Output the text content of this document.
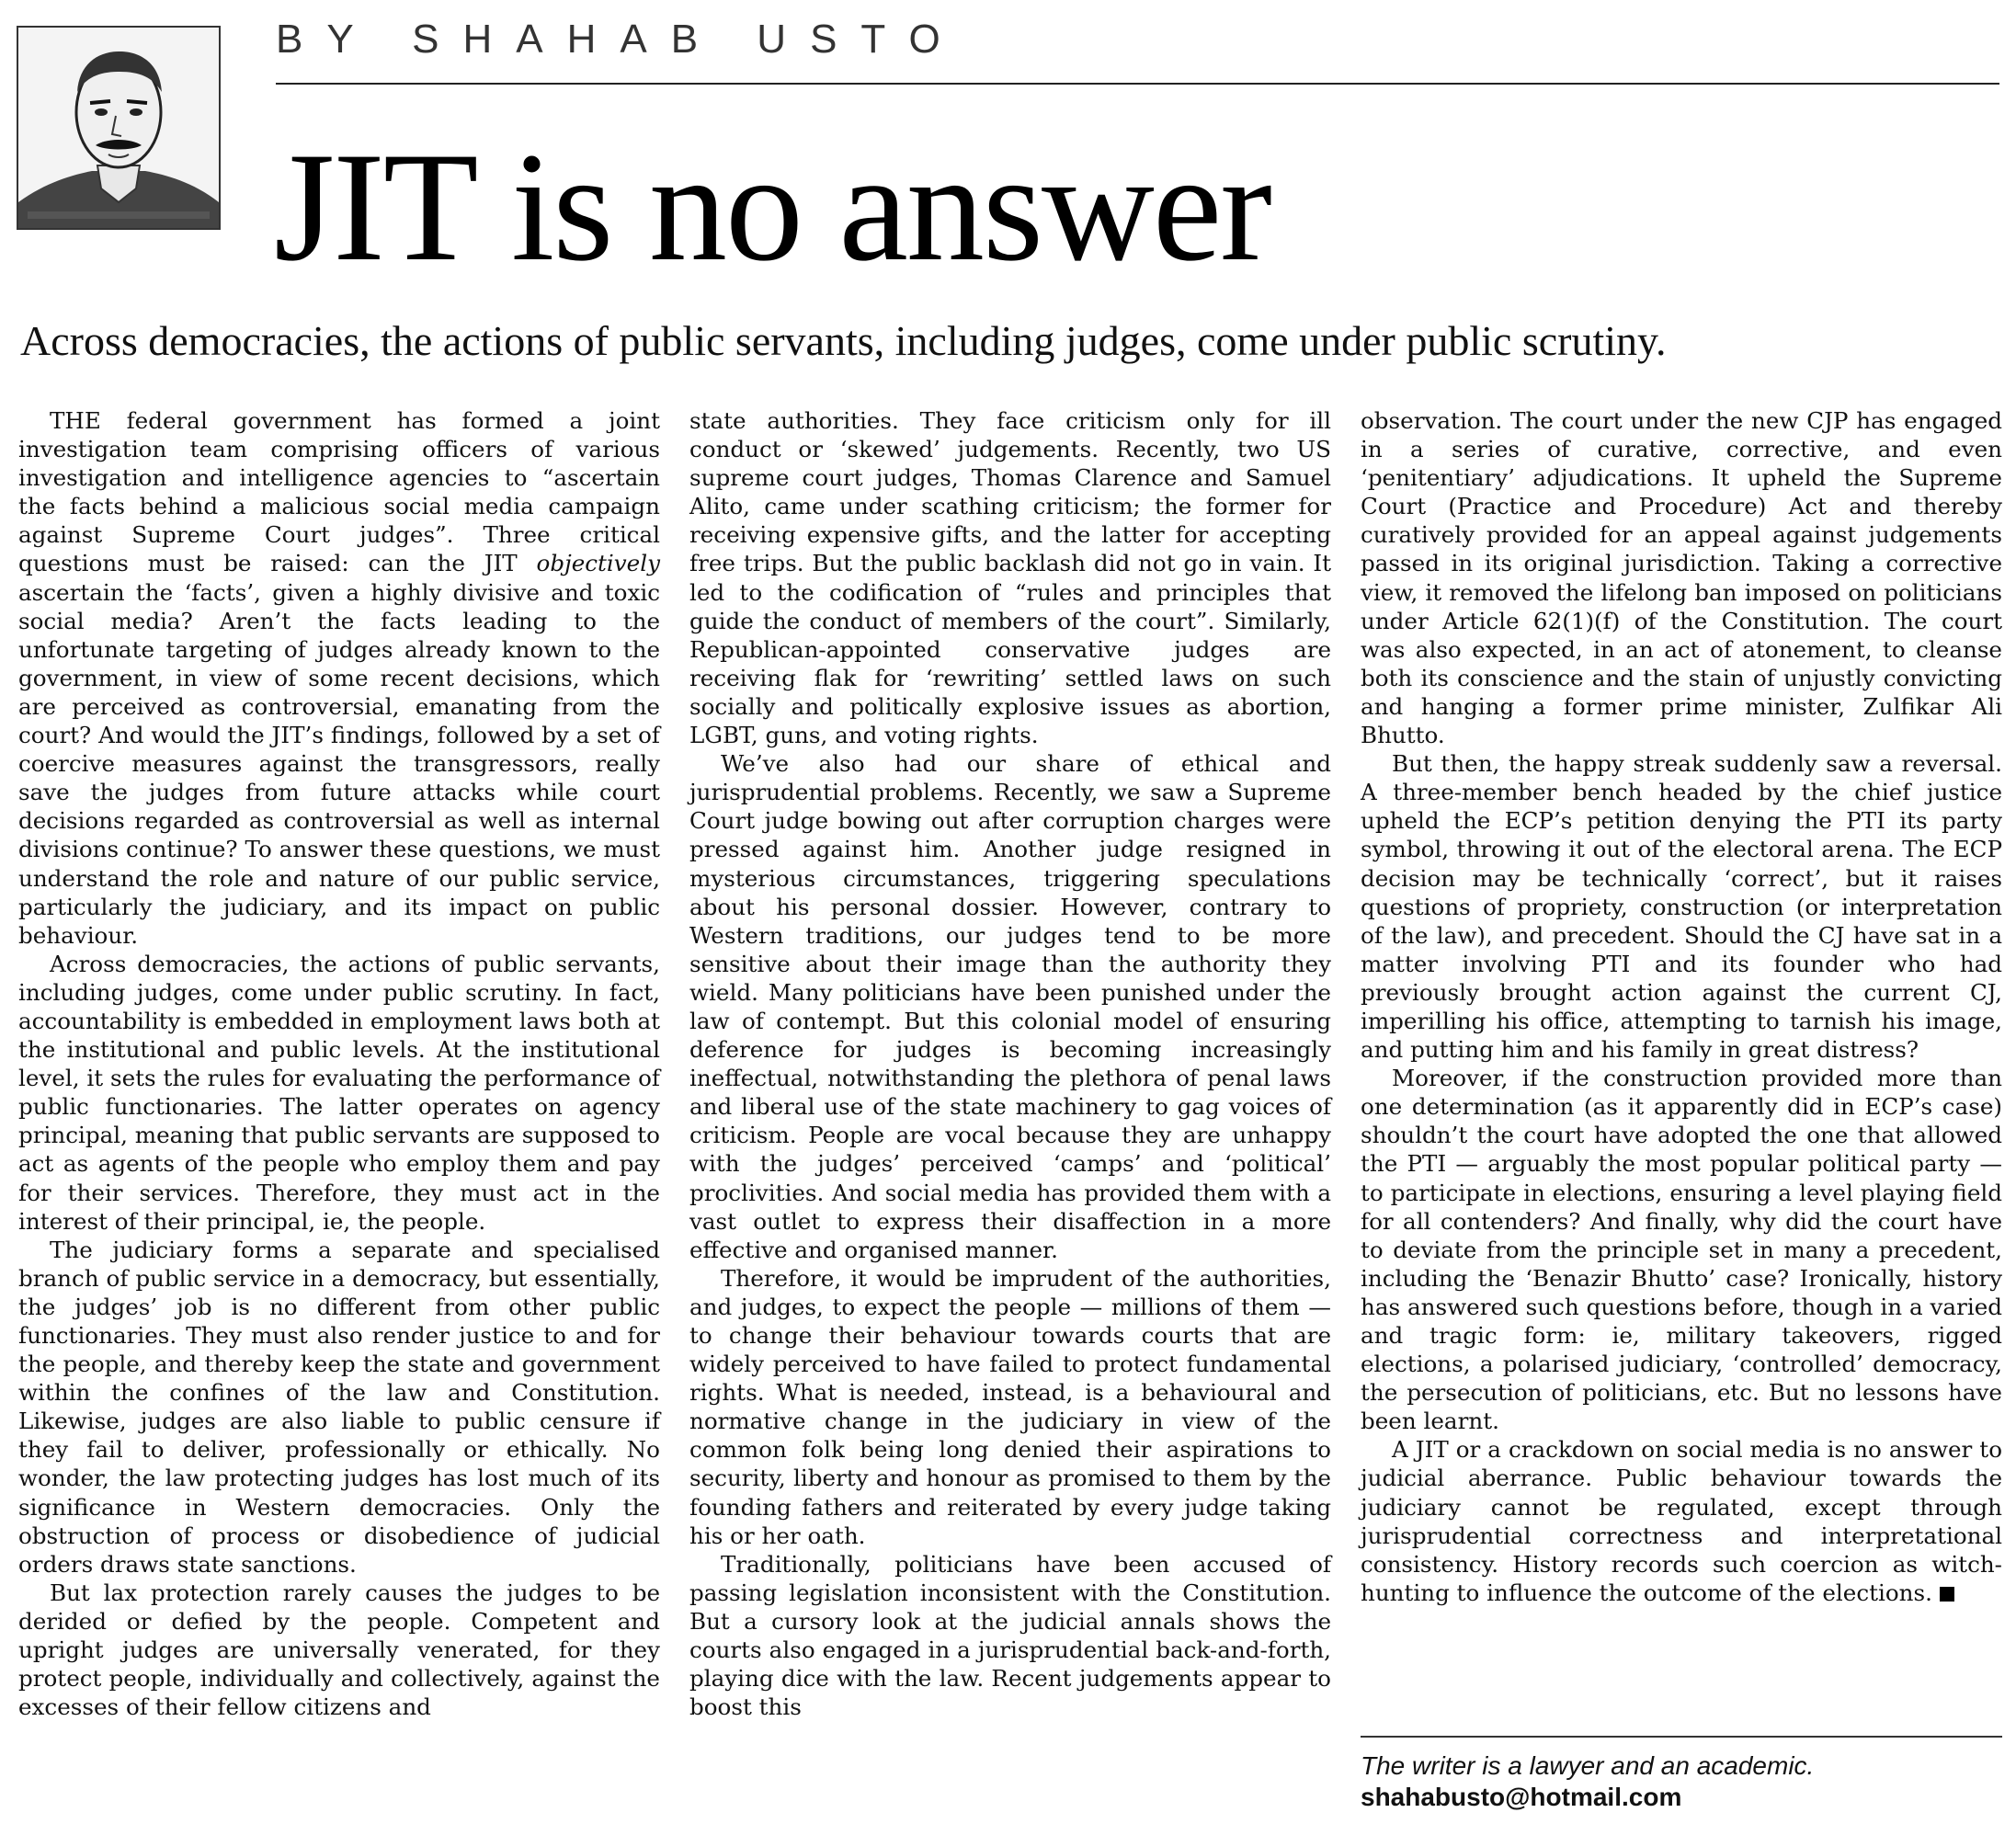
BY SHAHAB USTO
JIT is no answer
Across democracies, the actions of public servants, including judges, come under public scrutiny.

THE federal government has formed a joint investigation team comprising officers of various investigation and intelligence agencies to “ascertain the facts behind a malicious social media campaign against Supreme Court judges”. Three critical questions must be raised: can the JIT objectively ascertain the ‘facts’, given a highly divisive and toxic social media? Aren’t the facts leading to the unfortunate targeting of judges already known to the government, in view of some recent decisions, which are perceived as controversial, emanating from the court? And would the JIT’s findings, followed by a set of coercive measures against the transgressors, really save the judges from future attacks while court decisions regarded as controversial as well as internal divisions continue? To answer these questions, we must understand the role and nature of our public service, particularly the judiciary, and its impact on public behaviour.

Across democracies, the actions of public servants, including judges, come under public scrutiny. In fact, accountability is embedded in employment laws both at the institutional and public levels. At the institutional level, it sets the rules for evaluating the performance of public functionaries. The latter operates on agency principal, meaning that public servants are supposed to act as agents of the people who employ them and pay for their services. Therefore, they must act in the interest of their principal, ie, the people.

The judiciary forms a separate and specialised branch of public service in a democracy, but essentially, the judges’ job is no different from other public functionaries. They must also render justice to and for the people, and thereby keep the state and government within the confines of the law and Constitution. Likewise, judges are also liable to public censure if they fail to deliver, professionally or ethically. No wonder, the law protecting judges has lost much of its significance in Western democracies. Only the obstruction of process or disobedience of judicial orders draws state sanctions.

But lax protection rarely causes the judges to be derided or defied by the people. Competent and upright judges are universally venerated, for they protect people, individually and collectively, against the excesses of their fellow citizens and

state authorities. They face criticism only for ill conduct or ‘skewed’ judgements. Recently, two US supreme court judges, Thomas Clarence and Samuel Alito, came under scathing criticism; the former for receiving expensive gifts, and the latter for accepting free trips. But the public backlash did not go in vain. It led to the codification of “rules and principles that guide the conduct of members of the court”. Similarly, Republican-appointed conservative judges are receiving flak for ‘rewriting’ settled laws on such socially and politically explosive issues as abortion, LGBT, guns, and voting rights.

We’ve also had our share of ethical and jurisprudential problems. Recently, we saw a Supreme Court judge bowing out after corruption charges were pressed against him. Another judge resigned in mysterious circumstances, triggering speculations about his personal dossier. However, contrary to Western traditions, our judges tend to be more sensitive about their image than the authority they wield. Many politicians have been punished under the law of contempt. But this colonial model of ensuring deference for judges is becoming increasingly ineffectual, notwithstanding the plethora of penal laws and liberal use of the state machinery to gag voices of criticism. People are vocal because they are unhappy with the judges’ perceived ‘camps’ and ‘political’ proclivities. And social media has provided them with a vast outlet to express their disaffection in a more effective and organised manner.

Therefore, it would be imprudent of the authorities, and judges, to expect the people — millions of them — to change their behaviour towards courts that are widely perceived to have failed to protect fundamental rights. What is needed, instead, is a behavioural and normative change in the judiciary in view of the common folk being long denied their aspirations to security, liberty and honour as promised to them by the founding fathers and reiterated by every judge taking his or her oath.

Traditionally, politicians have been accused of passing legislation inconsistent with the Constitution. But a cursory look at the judicial annals shows the courts also engaged in a jurisprudential back-and-forth, playing dice with the law. Recent judgements appear to boost this

observation. The court under the new CJP has engaged in a series of curative, corrective, and even ‘penitentiary’ adjudications. It upheld the Supreme Court (Practice and Procedure) Act and thereby curatively provided for an appeal against judgements passed in its original jurisdiction. Taking a corrective view, it removed the lifelong ban imposed on politicians under Article 62(1)(f) of the Constitution. The court was also expected, in an act of atonement, to cleanse both its conscience and the stain of unjustly convicting and hanging a former prime minister, Zulfikar Ali Bhutto.

But then, the happy streak suddenly saw a reversal. A three-member bench headed by the chief justice upheld the ECP’s petition denying the PTI its party symbol, throwing it out of the electoral arena. The ECP decision may be technically ‘correct’, but it raises questions of propriety, construction (or interpretation of the law), and precedent. Should the CJ have sat in a matter involving PTI and its founder who had previously brought action against the current CJ, imperilling his office, attempting to tarnish his image, and putting him and his family in great distress?

Moreover, if the construction provided more than one determination (as it apparently did in ECP’s case) shouldn’t the court have adopted the one that allowed the PTI — arguably the most popular political party — to participate in elections, ensuring a level playing field for all contenders? And finally, why did the court have to deviate from the principle set in many a precedent, including the ‘Benazir Bhutto’ case? Ironically, history has answered such questions before, though in a varied and tragic form: ie, military takeovers, rigged elections, a polarised judiciary, ‘controlled’ democracy, the persecution of politicians, etc. But no lessons have been learnt.

A JIT or a crackdown on social media is no answer to judicial aberrance. Public behaviour towards the judiciary cannot be regulated, except through jurisprudential correctness and interpretational consistency. History records such coercion as witch-hunting to influence the outcome of the elections.

The writer is a lawyer and an academic.
shahabusto@hotmail.com
